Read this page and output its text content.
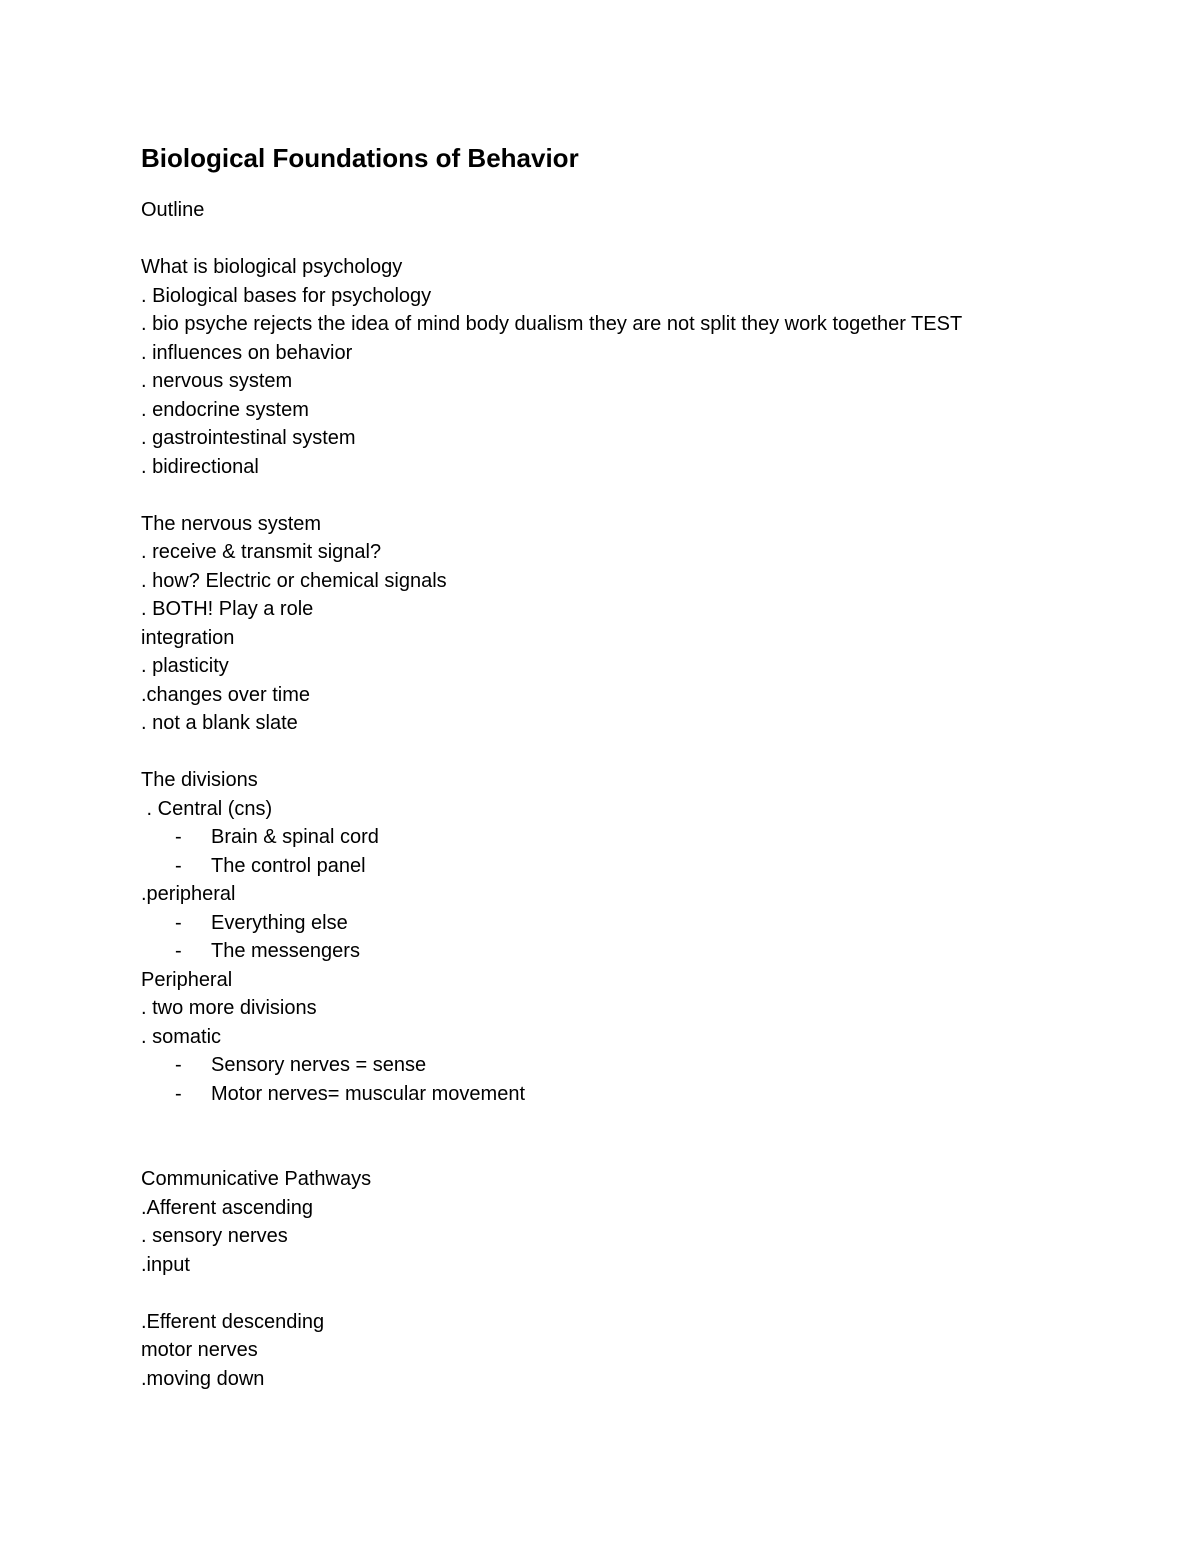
Biological Foundations of Behavior
Outline
What is biological psychology
. Biological bases for psychology
. bio psyche rejects the idea of mind body dualism they are not split they work together TEST
. influences on behavior
. nervous system
. endocrine system
. gastrointestinal system
. bidirectional
The nervous system
. receive & transmit signal?
. how? Electric or chemical signals
. BOTH! Play a role
integration
. plasticity
.changes over time
. not a blank slate
The divisions
. Central (cns)
- Brain & spinal cord
- The control panel
.peripheral
- Everything else
- The messengers
Peripheral
. two more divisions
. somatic
- Sensory nerves = sense
- Motor nerves= muscular movement
Communicative Pathways
.Afferent ascending
. sensory nerves
.input
.Efferent descending
motor nerves
.moving down
